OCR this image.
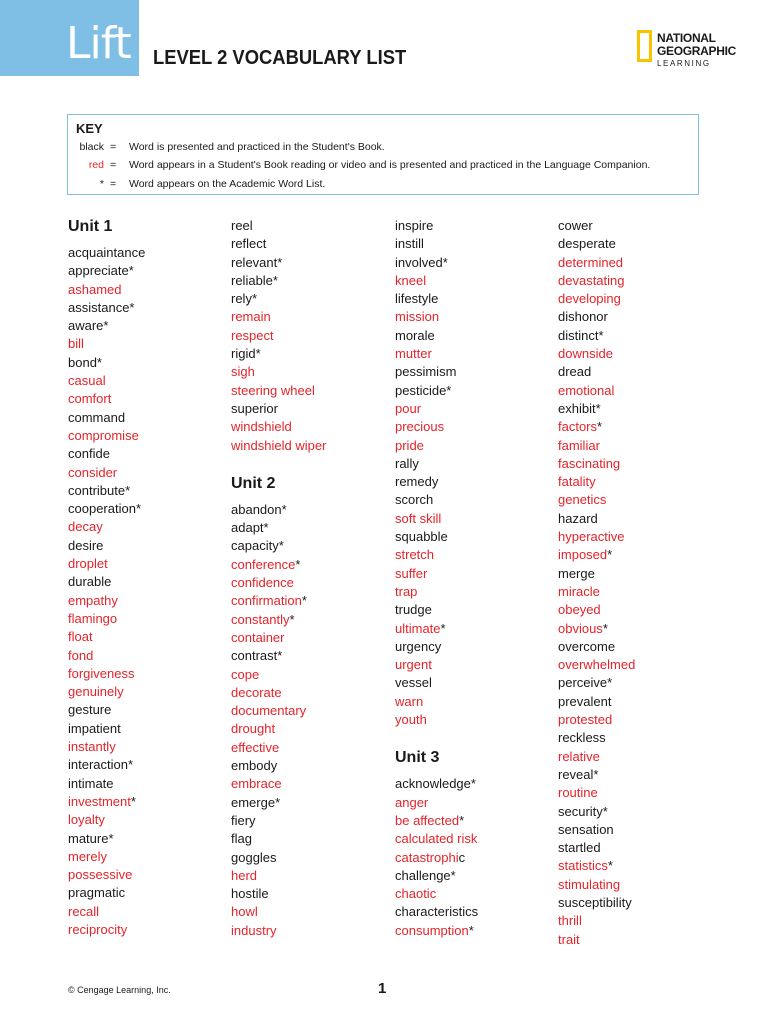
Lift LEVEL 2 VOCABULARY LIST
NATIONAL
GEOGRAPHIC
LEARNING
KEY
black = Word is presented and practiced in the Student's Book.
red = Word appears in a Student's Book reading or video and is presented and practiced in the Language Companion.
* = Word appears on the Academic Word List.
Unit 1
acquaintance
appreciate*
ashamed
assistance*
aware*
bill
bond*
casual
comfort
command
compromise
confide
consider
contribute*
cooperation*
decay
desire
droplet
durable
empathy
flamingo
float
fond
forgiveness
genuinely
gesture
impatient
instantly
interaction*
intimate
investment*
loyalty
mature*
merely
possessive
pragmatic
recall
reciprocity
reel
reflect
relevant*
reliable*
rely*
remain
respect
rigid*
sigh
steering wheel
superior
windshield
windshield wiper
Unit 2
abandon*
adapt*
capacity*
conference*
confidence
confirmation*
constantly*
container
contrast*
cope
decorate
documentary
drought
effective
embody
embrace
emerge*
fiery
flag
goggles
herd
hostile
howl
industry
inspire
instill
involved*
kneel
lifestyle
mission
morale
mutter
pessimism
pesticide*
pour
precious
pride
rally
remedy
scorch
soft skill
squabble
stretch
suffer
trap
trudge
ultimate*
urgency
urgent
vessel
warn
youth
Unit 3
acknowledge*
anger
be affected*
calculated risk
catastrophic
challenge*
chaotic
characteristics
consumption*
cower
desperate
determined
devastating
developing
dishonor
distinct*
downside
dread
emotional
exhibit*
factors*
familiar
fascinating
fatality
genetics
hazard
hyperactive
imposed*
merge
miracle
obeyed
obvious*
overcome
overwhelmed
perceive*
prevalent
protested
reckless
relative
reveal*
routine
security*
sensation
startled
statistics*
stimulating
susceptibility
thrill
trait
© Cengage Learning, Inc.	1
